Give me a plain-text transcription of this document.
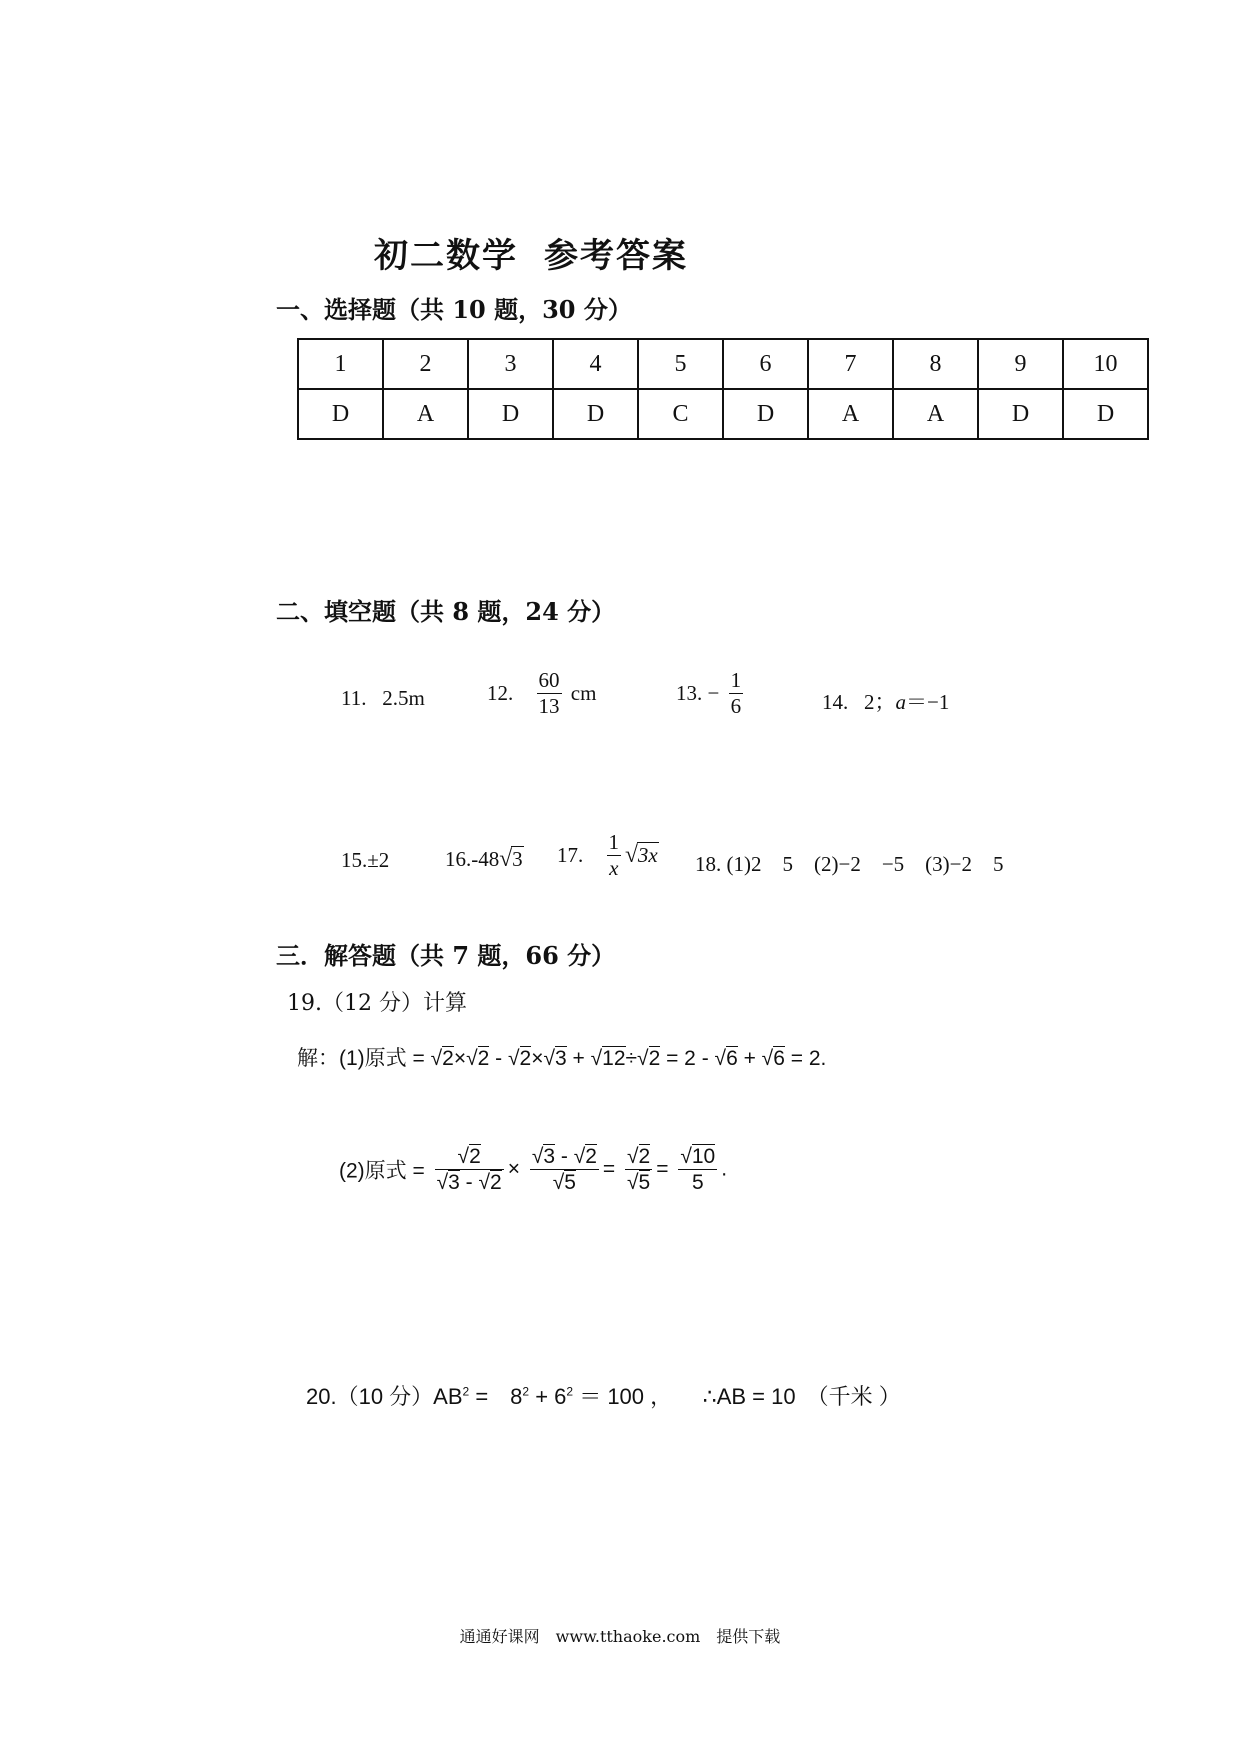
初二数学 参考答案
一、选择题（共 10 题，30 分）
1	2	3	4	5	6	7	8	9	10
D	A	D	D	C	D	A	A	D	D
二、填空题（共 8 题，24 分）
11. 2.5m	12. $\frac{60}{13}$ cm	13. − $\frac{1}{6}$	14. 2；a＝−1
15.±2	16.-48√3 17. $\frac{1}{x} √3x$ 18. (1)2　5　(2)−2　−5　(3)−2　5
三．解答题（共 7 题，66 分）
19.（12 分）计算
解：(1)原式 = √2×√2 - √2×√3 + √12÷√2 = 2 - √6 + √6 = 2.
(2)原式 = $\frac{√2}{√3 - √2} \times \frac{√3 - √2}{√5} = \frac{√2}{√5} = \frac{√10}{5}$ .
20.（10 分）$AB^2$ =　$8^2 + 6^2 = 100$ ， ∴AB = 10　（千米 ）
通通好课网　www.tthaoke.com　提供下载
